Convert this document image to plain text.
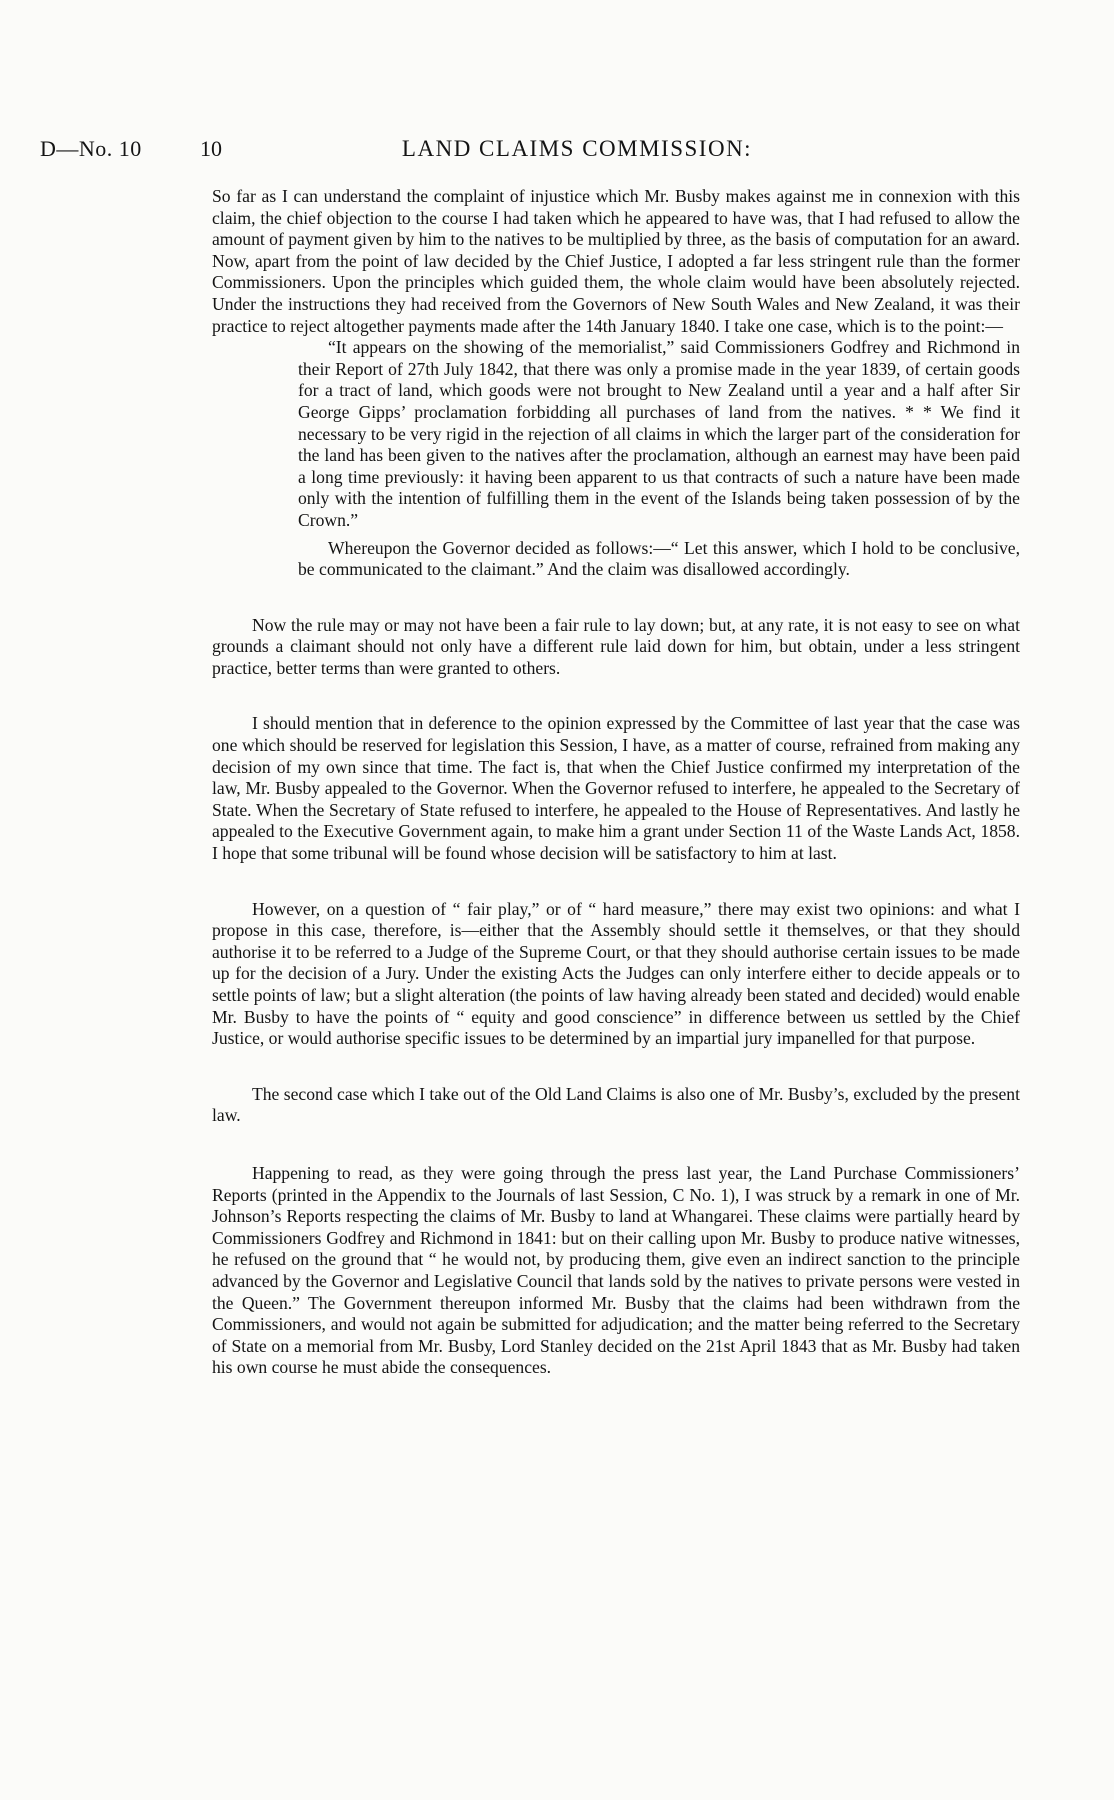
D—No. 10	10	LAND CLAIMS COMMISSION:

So far as I can understand the complaint of injustice which Mr. Busby makes against me in connexion with this claim, the chief objection to the course I had taken which he appeared to have was, that I had refused to allow the amount of payment given by him to the natives to be multiplied by three, as the basis of computation for an award. Now, apart from the point of law decided by the Chief Justice, I adopted a far less stringent rule than the former Commissioners. Upon the principles which guided them, the whole claim would have been absolutely rejected. Under the instructions they had received from the Governors of New South Wales and New Zealand, it was their practice to reject altogether payments made after the 14th January 1840. I take one case, which is to the point:—

“It appears on the showing of the memorialist,” said Commissioners Godfrey and Richmond in their Report of 27th July 1842, that there was only a promise made in the year 1839, of certain goods for a tract of land, which goods were not brought to New Zealand until a year and a half after Sir George Gipps’ proclamation forbidding all purchases of land from the natives. * * We find it necessary to be very rigid in the rejection of all claims in which the larger part of the consideration for the land has been given to the natives after the proclamation, although an earnest may have been paid a long time previously: it having been apparent to us that contracts of such a nature have been made only with the intention of fulfilling them in the event of the Islands being taken possession of by the Crown.”

Whereupon the Governor decided as follows:—“ Let this answer, which I hold to be conclusive, be communicated to the claimant.” And the claim was disallowed accordingly.

Now the rule may or may not have been a fair rule to lay down; but, at any rate, it is not easy to see on what grounds a claimant should not only have a different rule laid down for him, but obtain, under a less stringent practice, better terms than were granted to others.

I should mention that in deference to the opinion expressed by the Committee of last year that the case was one which should be reserved for legislation this Session, I have, as a matter of course, refrained from making any decision of my own since that time. The fact is, that when the Chief Justice confirmed my interpretation of the law, Mr. Busby appealed to the Governor. When the Governor refused to interfere, he appealed to the Secretary of State. When the Secretary of State refused to interfere, he appealed to the House of Representatives. And lastly he appealed to the Executive Government again, to make him a grant under Section 11 of the Waste Lands Act, 1858. I hope that some tribunal will be found whose decision will be satisfactory to him at last.

However, on a question of “ fair play,” or of “ hard measure,” there may exist two opinions: and what I propose in this case, therefore, is—either that the Assembly should settle it themselves, or that they should authorise it to be referred to a Judge of the Supreme Court, or that they should authorise certain issues to be made up for the decision of a Jury. Under the existing Acts the Judges can only interfere either to decide appeals or to settle points of law; but a slight alteration (the points of law having already been stated and decided) would enable Mr. Busby to have the points of “ equity and good conscience” in difference between us settled by the Chief Justice, or would authorise specific issues to be determined by an impartial jury impanelled for that purpose.

The second case which I take out of the Old Land Claims is also one of Mr. Busby’s, excluded by the present law.

Happening to read, as they were going through the press last year, the Land Purchase Commissioners’ Reports (printed in the Appendix to the Journals of last Session, C No. 1), I was struck by a remark in one of Mr. Johnson’s Reports respecting the claims of Mr. Busby to land at Whangarei. These claims were partially heard by Commissioners Godfrey and Richmond in 1841: but on their calling upon Mr. Busby to produce native witnesses, he refused on the ground that “ he would not, by producing them, give even an indirect sanction to the principle advanced by the Governor and Legislative Council that lands sold by the natives to private persons were vested in the Queen.” The Government thereupon informed Mr. Busby that the claims had been withdrawn from the Commissioners, and would not again be submitted for adjudication; and the matter being referred to the Secretary of State on a memorial from Mr. Busby, Lord Stanley decided on the 21st April 1843 that as Mr. Busby had taken his own course he must abide the consequences.
